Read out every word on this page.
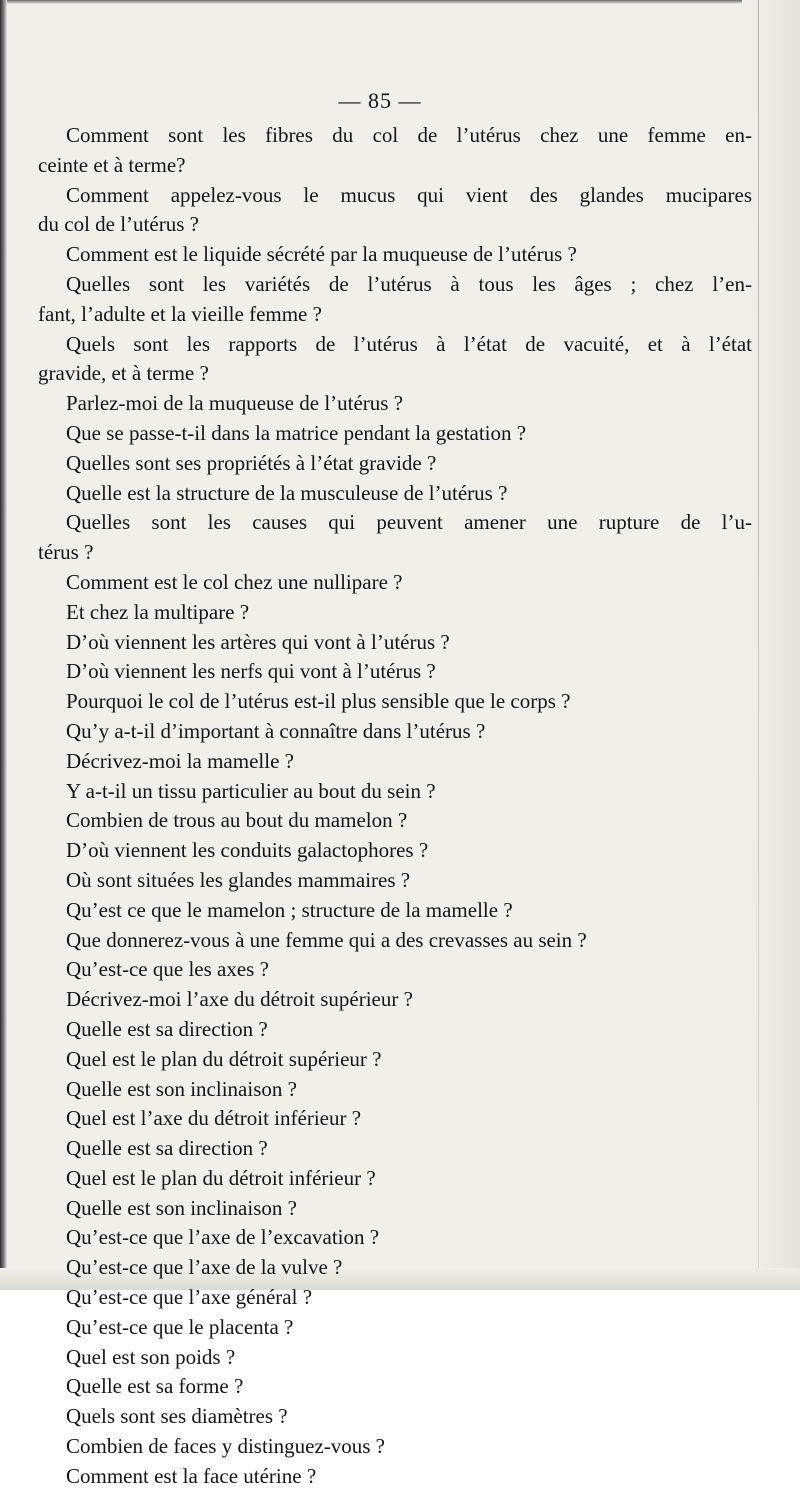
— 85 —
Comment sont les fibres du col de l’utérus chez une femme en-
ceinte et à terme?
Comment appelez-vous le mucus qui vient des glandes mucipares
du col de l’utérus ?
Comment est le liquide sécrété par la muqueuse de l’utérus ?
Quelles sont les variétés de l’utérus à tous les âges ; chez l’en-
fant, l’adulte et la vieille femme ?
Quels sont les rapports de l’utérus à l’état de vacuité, et à l’état
gravide, et à terme ?
Parlez-moi de la muqueuse de l’utérus ?
Que se passe-t-il dans la matrice pendant la gestation ?
Quelles sont ses propriétés à l’état gravide ?
Quelle est la structure de la musculeuse de l’utérus ?
Quelles sont les causes qui peuvent amener une rupture de l’u-
térus ?
Comment est le col chez une nullipare ?
Et chez la multipare ?
D’où viennent les artères qui vont à l’utérus ?
D’où viennent les nerfs qui vont à l’utérus ?
Pourquoi le col de l’utérus est-il plus sensible que le corps ?
Qu’y a-t-il d’important à connaître dans l’utérus ?
Décrivez-moi la mamelle ?
Y a-t-il un tissu particulier au bout du sein ?
Combien de trous au bout du mamelon ?
D’où viennent les conduits galactophores ?
Où sont situées les glandes mammaires ?
Qu’est ce que le mamelon ; structure de la mamelle ?
Que donnerez-vous à une femme qui a des crevasses au sein ?
Qu’est-ce que les axes ?
Décrivez-moi l’axe du détroit supérieur ?
Quelle est sa direction ?
Quel est le plan du détroit supérieur ?
Quelle est son inclinaison ?
Quel est l’axe du détroit inférieur ?
Quelle est sa direction ?
Quel est le plan du détroit inférieur ?
Quelle est son inclinaison ?
Qu’est-ce que l’axe de l’excavation ?
Qu’est-ce que l’axe de la vulve ?
Qu’est-ce que l’axe général ?
Qu’est-ce que le placenta ?
Quel est son poids ?
Quelle est sa forme ?
Quels sont ses diamètres ?
Combien de faces y distinguez-vous ?
Comment est la face utérine ?
